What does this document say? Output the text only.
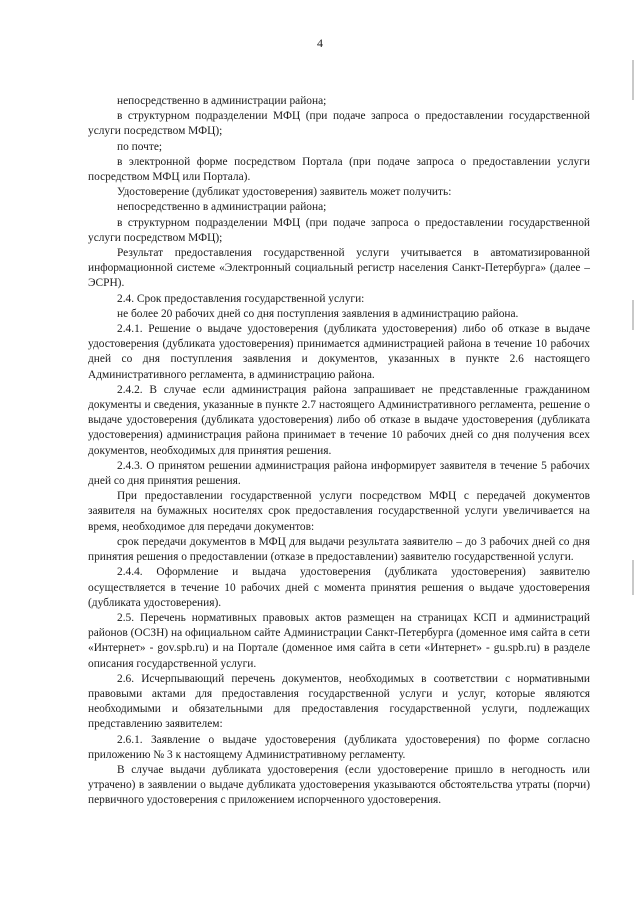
4

непосредственно в администрации района;

в структурном подразделении МФЦ (при подаче запроса о предоставлении государственной услуги посредством МФЦ);

по почте;

в электронной форме посредством Портала (при подаче запроса о предоставлении услуги посредством МФЦ или Портала).

Удостоверение (дубликат удостоверения) заявитель может получить:

непосредственно в администрации района;

в структурном подразделении МФЦ (при подаче запроса о предоставлении государственной услуги посредством МФЦ);

Результат предоставления государственной услуги учитывается в автоматизированной информационной системе «Электронный социальный регистр населения Санкт-Петербурга» (далее –ЭСРН).

2.4. Срок предоставления государственной услуги:

не более 20 рабочих дней со дня поступления заявления в администрацию района.

2.4.1. Решение о выдаче удостоверения (дубликата удостоверения) либо об отказе в выдаче удостоверения (дубликата удостоверения) принимается администрацией района в течение 10 рабочих дней со дня поступления заявления и документов, указанных в пункте 2.6 настоящего Административного регламента, в администрацию района.

2.4.2. В случае если администрация района запрашивает не представленные гражданином документы и сведения, указанные в пункте 2.7 настоящего Административного регламента, решение о выдаче удостоверения (дубликата удостоверения) либо об отказе в выдаче удостоверения (дубликата удостоверения) администрация района принимает в течение 10 рабочих дней со дня получения всех документов, необходимых для принятия решения.

2.4.3. О принятом решении администрация района информирует заявителя в течение 5 рабочих дней со дня принятия решения.

При предоставлении государственной услуги посредством МФЦ с передачей документов заявителя на бумажных носителях срок предоставления государственной услуги увеличивается на время, необходимое для передачи документов:

срок передачи документов в МФЦ для выдачи результата заявителю – до 3 рабочих дней со дня принятия решения о предоставлении (отказе в предоставлении) заявителю государственной услуги.

2.4.4. Оформление и выдача удостоверения (дубликата удостоверения) заявителю осуществляется в течение 10 рабочих дней с момента принятия решения о выдаче удостоверения (дубликата удостоверения).

2.5. Перечень нормативных правовых актов размещен на страницах КСП и администраций районов (ОСЗН) на официальном сайте Администрации Санкт-Петербурга (доменное имя сайта в сети «Интернет» - gov.spb.ru) и на Портале (доменное имя сайта в сети «Интернет» - gu.spb.ru) в разделе описания государственной услуги.

2.6. Исчерпывающий перечень документов, необходимых в соответствии с нормативными правовыми актами для предоставления государственной услуги и услуг, которые являются необходимыми и обязательными для предоставления государственной услуги, подлежащих представлению заявителем:

2.6.1. Заявление о выдаче удостоверения (дубликата удостоверения) по форме согласно приложению № 3 к настоящему Административному регламенту.

В случае выдачи дубликата удостоверения (если удостоверение пришло в негодность или утрачено) в заявлении о выдаче дубликата удостоверения указываются обстоятельства утраты (порчи) первичного удостоверения с приложением испорченного удостоверения.
